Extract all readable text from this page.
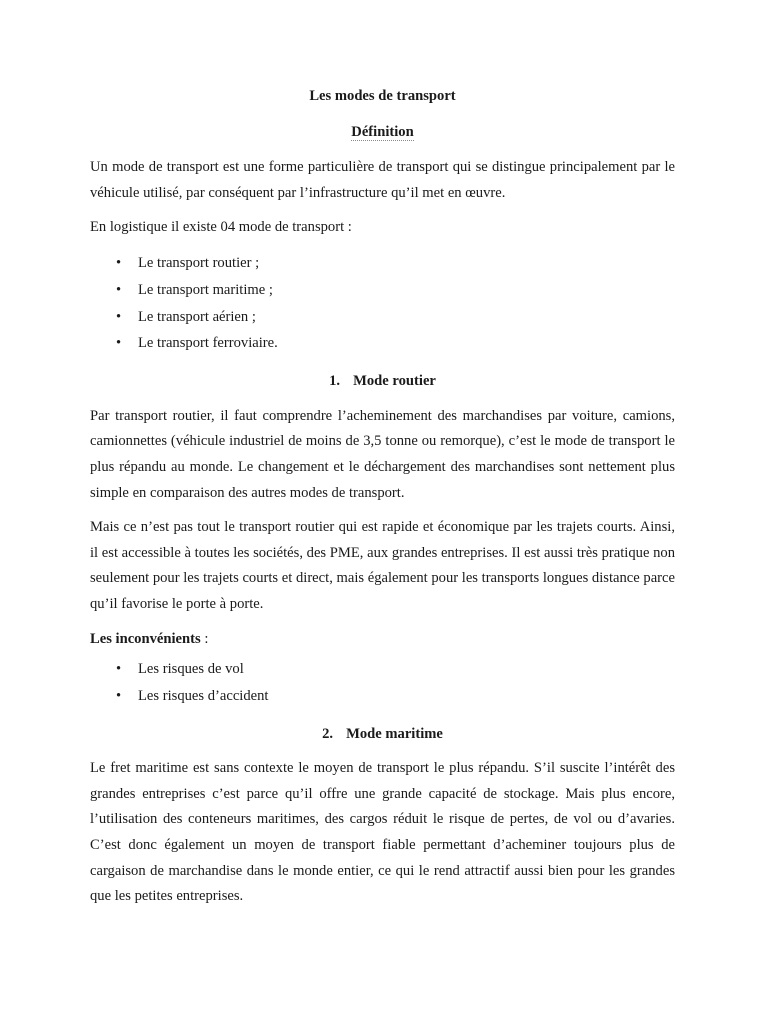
Les modes de transport
Définition

Un mode de transport est une forme particulière de transport qui se distingue principalement par le véhicule utilisé, par conséquent par l’infrastructure qu’il met en œuvre.

En logistique il existe 04 mode de transport :

• Le transport routier ;
• Le transport maritime ;
• Le transport aérien ;
• Le transport ferroviaire.
1. Mode routier

Par transport routier, il faut comprendre l’acheminement des marchandises par voiture, camions, camionnettes (véhicule industriel de moins de 3,5 tonne ou remorque), c’est le mode de transport le plus répandu au monde. Le changement et le déchargement des marchandises sont nettement plus simple en comparaison des autres modes de transport.

Mais ce n’est pas tout le transport routier qui est rapide et économique par les trajets courts. Ainsi, il est accessible à toutes les sociétés, des PME, aux grandes entreprises. Il est aussi très pratique non seulement pour les trajets courts et direct, mais également pour les transports longues distance parce qu’il favorise le porte à porte.

Les inconvénients :

• Les risques de vol
• Les risques d’accident
2. Mode maritime

Le fret maritime est sans contexte le moyen de transport le plus répandu. S’il suscite l’intérêt des grandes entreprises c’est parce qu’il offre une grande capacité de stockage. Mais plus encore, l’utilisation des conteneurs maritimes, des cargos réduit le risque de pertes, de vol ou d’avaries. C’est donc également un moyen de transport fiable permettant d’acheminer toujours plus de cargaison de marchandise dans le monde entier, ce qui le rend attractif aussi bien pour les grandes que les petites entreprises.
